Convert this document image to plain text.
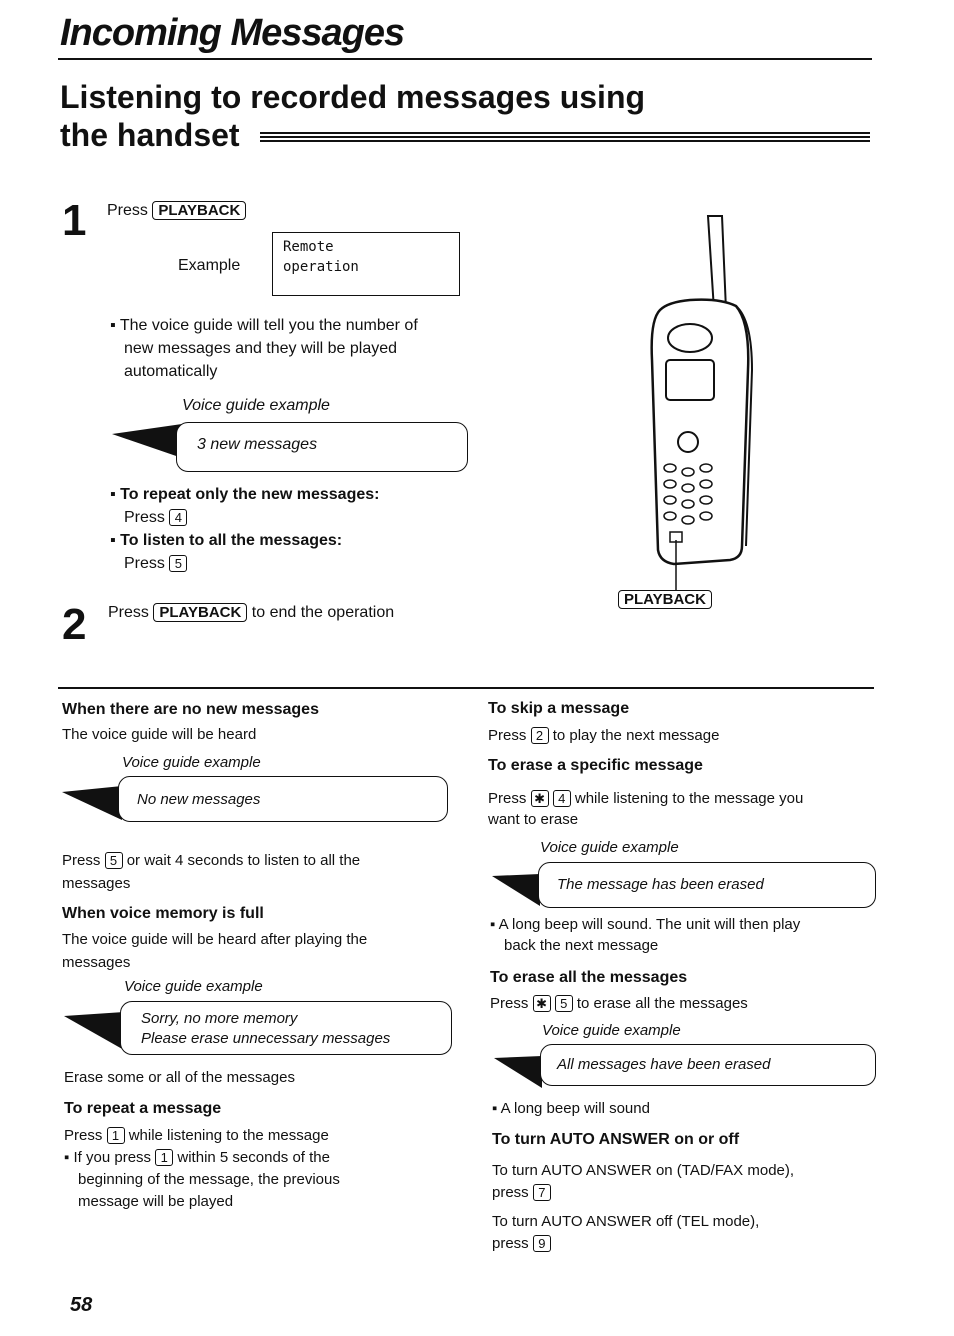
Incoming Messages
Listening to recorded messages using
the handset
1 Press PLAYBACK
Example
Remote
operation
▪ The voice guide will tell you the number of
new messages and they will be played
automatically
Voice guide example
3 new messages
▪ To repeat only the new messages:
Press 4
▪ To listen to all the messages:
Press 5
2 Press PLAYBACK to end the operation
PLAYBACK
When there are no new messages
The voice guide will be heard
Voice guide example
No new messages
Press 5 or wait 4 seconds to listen to all the
messages
When voice memory is full
The voice guide will be heard after playing the
messages
Voice guide example
Sorry, no more memory
Please erase unnecessary messages
Erase some or all of the messages
To repeat a message
Press 1 while listening to the message
▪ If you press 1 within 5 seconds of the
beginning of the message, the previous
message will be played
To skip a message
Press 2 to play the next message
To erase a specific message
Press ✱ 4 while listening to the message you
want to erase
Voice guide example
The message has been erased
▪ A long beep will sound. The unit will then play
back the next message
To erase all the messages
Press ✱ 5 to erase all the messages
Voice guide example
All messages have been erased
▪ A long beep will sound
To turn AUTO ANSWER on or off
To turn AUTO ANSWER on (TAD/FAX mode),
press 7
To turn AUTO ANSWER off (TEL mode),
press 9
58
